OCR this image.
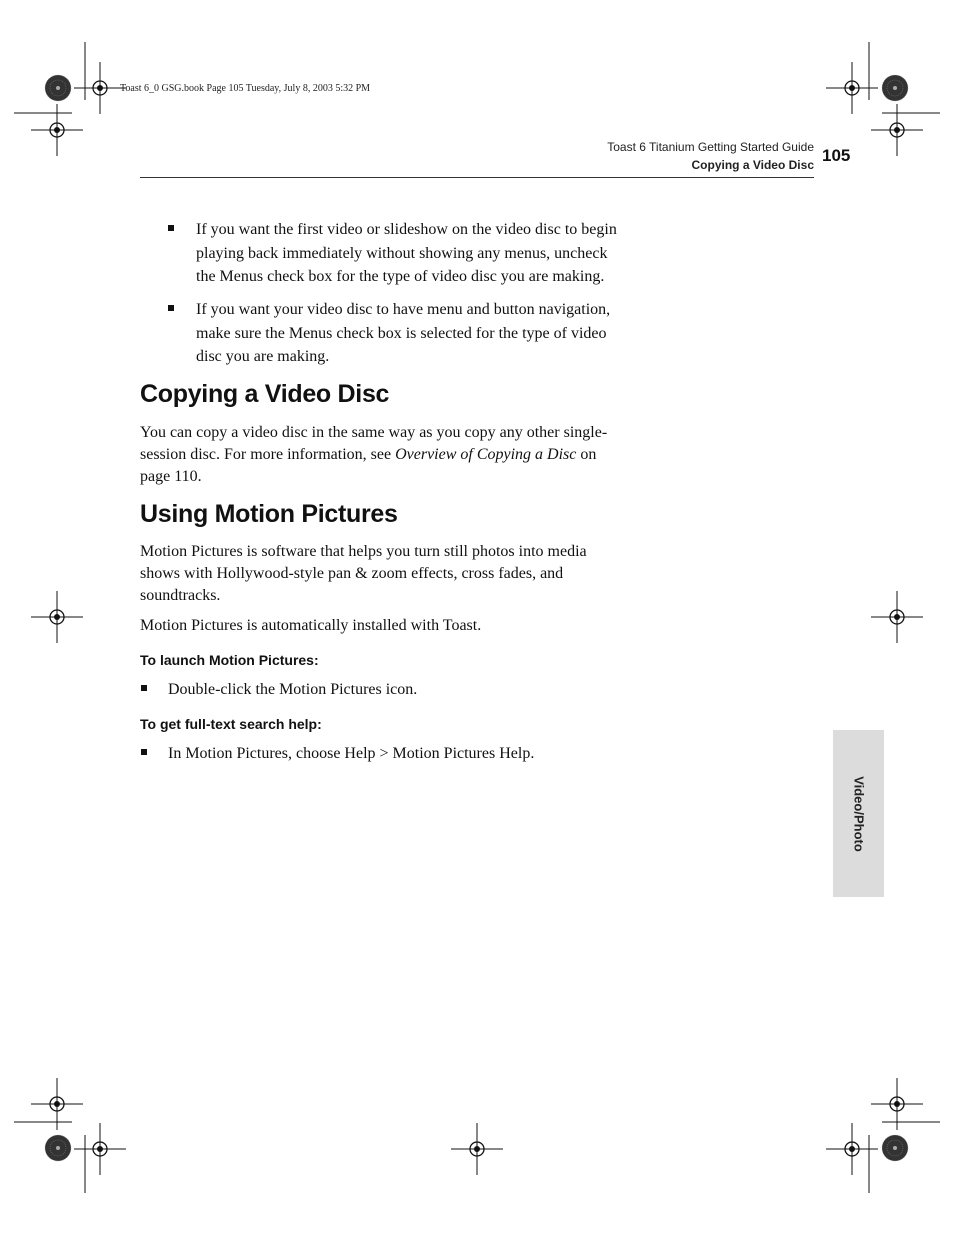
Toast 6_0 GSG.book Page 105 Tuesday, July 8, 2003 5:32 PM
Toast 6 Titanium Getting Started Guide
Copying a Video Disc 105
If you want the first video or slideshow on the video disc to begin
playing back immediately without showing any menus, uncheck
the Menus check box for the type of video disc you are making.
If you want your video disc to have menu and button navigation,
make sure the Menus check box is selected for the type of video
disc you are making.
Copying a Video Disc
You can copy a video disc in the same way as you copy any other single-
session disc. For more information, see Overview of Copying a Disc on
page 110.
Using Motion Pictures
Motion Pictures is software that helps you turn still photos into media
shows with Hollywood-style pan & zoom effects, cross fades, and
soundtracks.
Motion Pictures is automatically installed with Toast.
To launch Motion Pictures:
Double-click the Motion Pictures icon.
To get full-text search help:
In Motion Pictures, choose Help > Motion Pictures Help.
Video/Photo
